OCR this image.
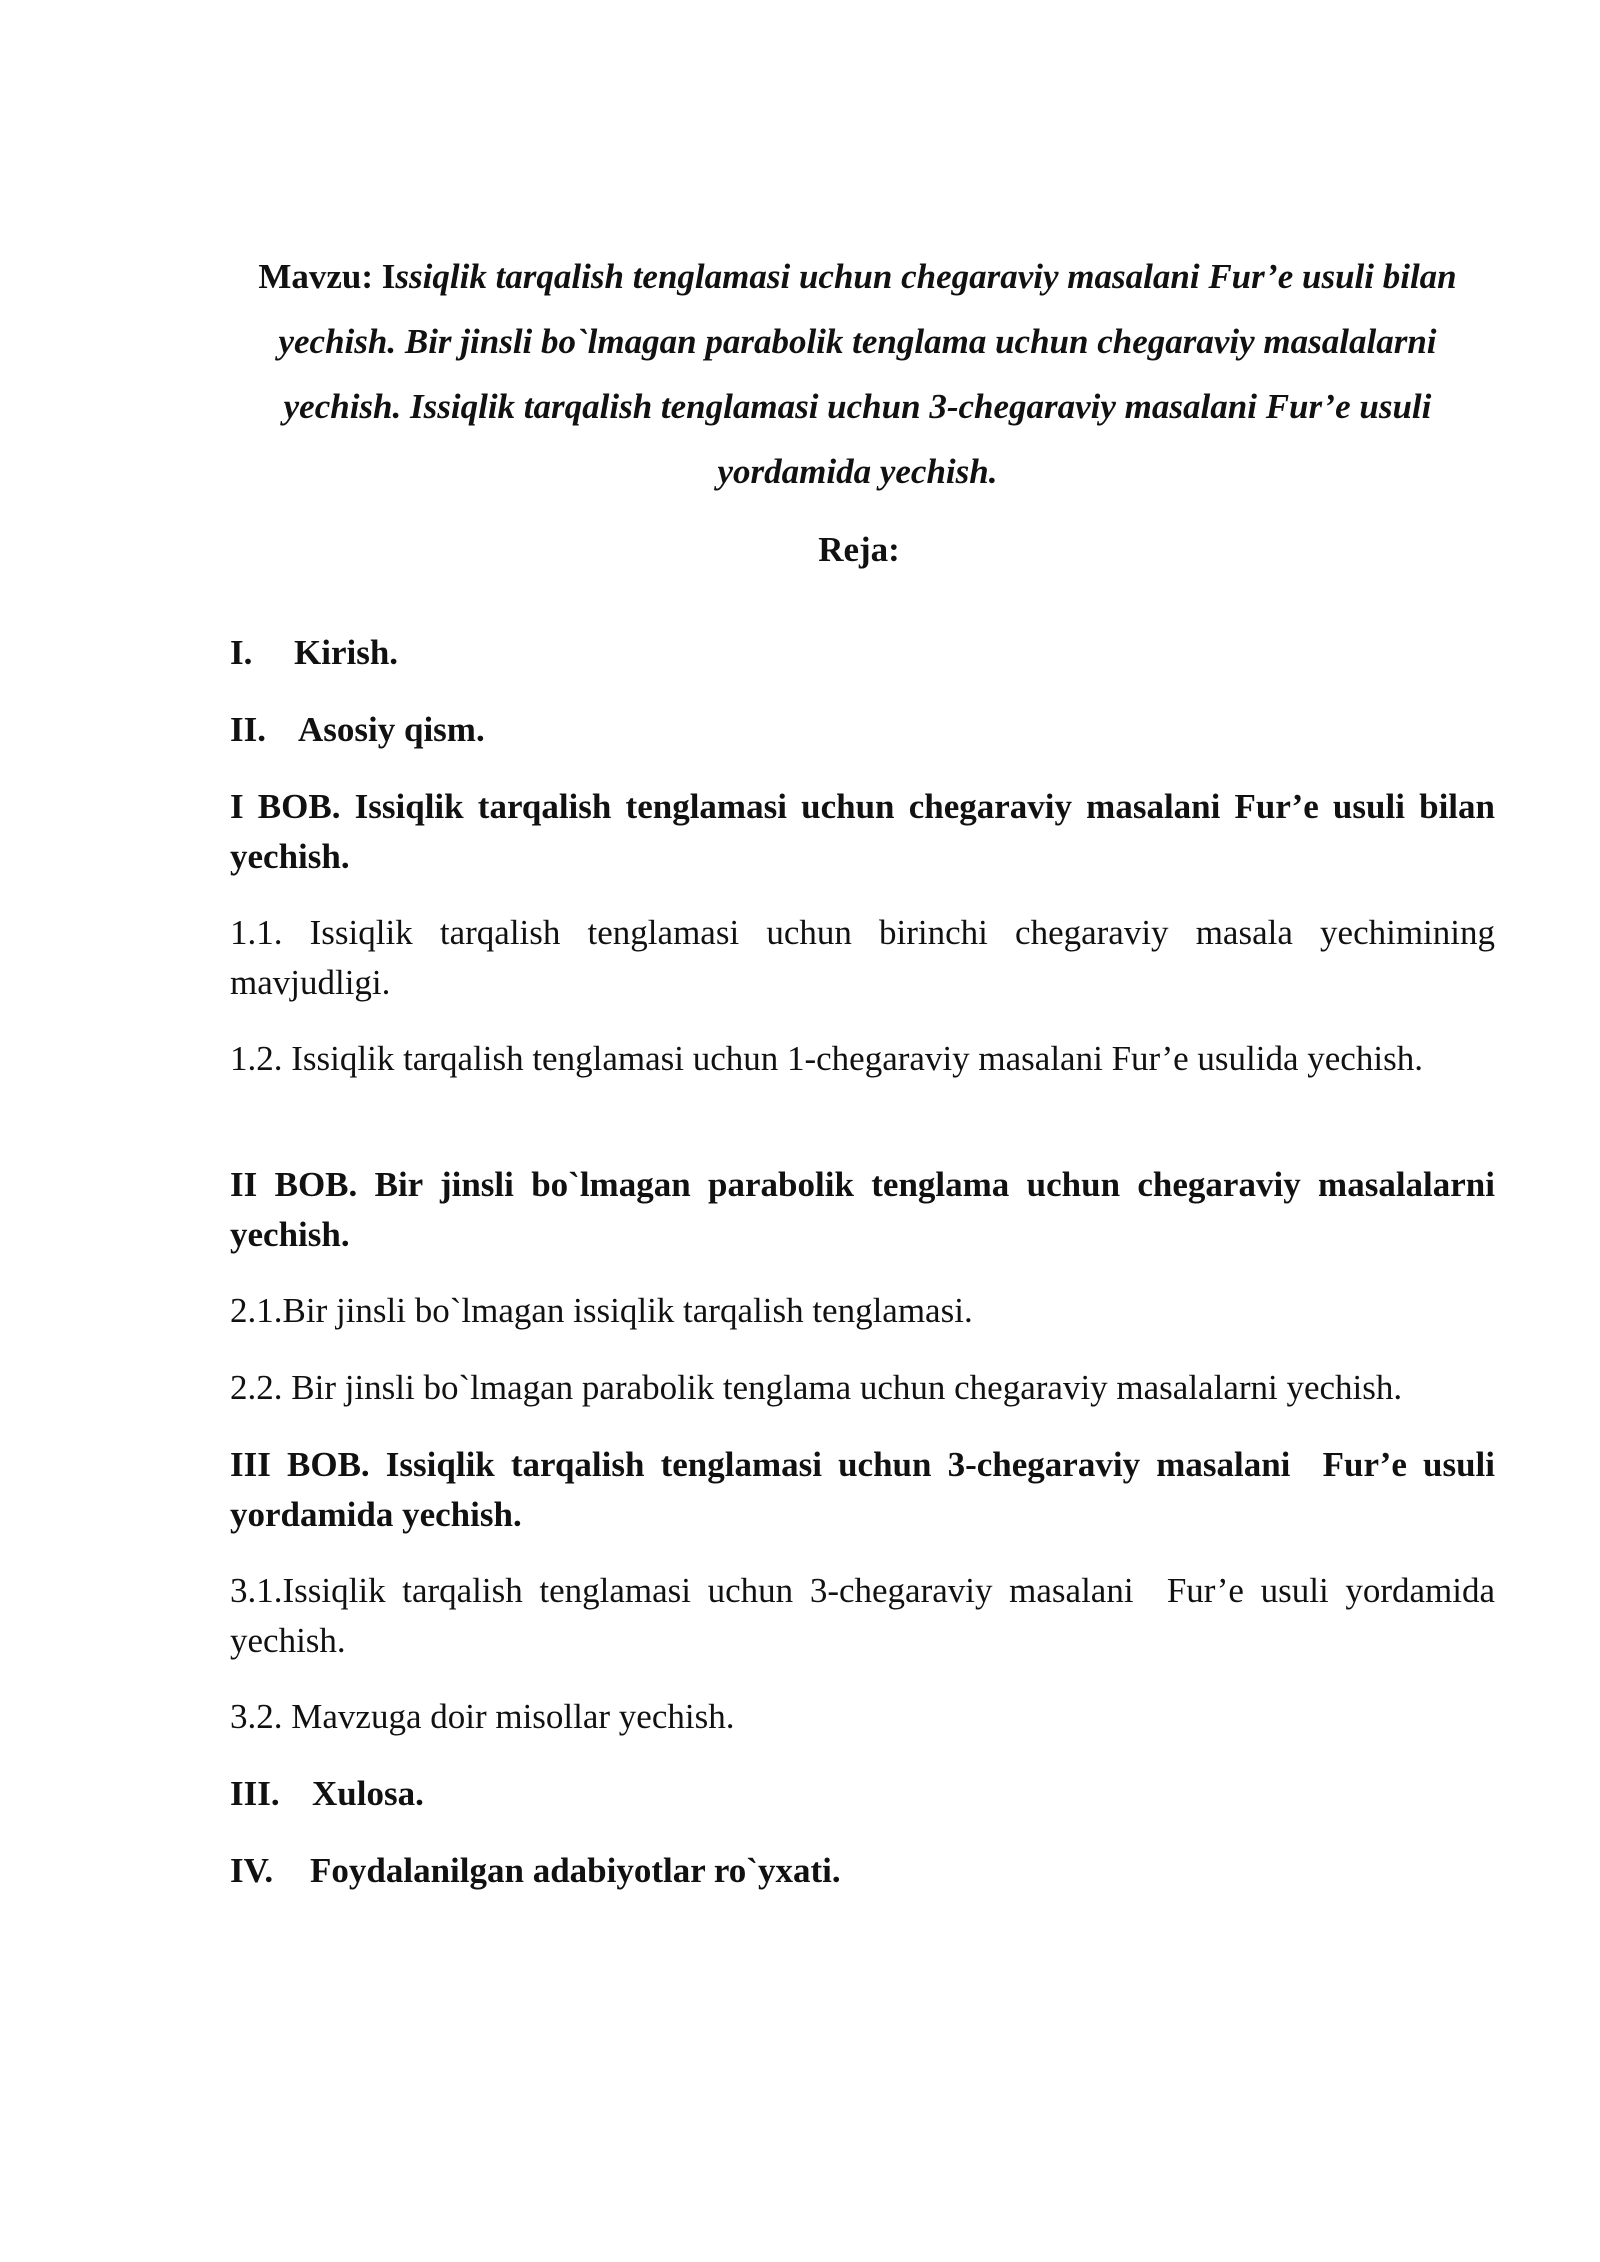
Mavzu: Issiqlik tarqalish tenglamasi uchun chegaraviy masalani Fur’e usuli bilan yechish. Bir jinsli bo`lmagan parabolik tenglama uchun chegaraviy masalalarni yechish. Issiqlik tarqalish tenglamasi uchun 3-chegaraviy masalani Fur’e usuli yordamida yechish.
Reja:
I. Kirish.
II. Asosiy qism.
I BOB. Issiqlik tarqalish tenglamasi uchun chegaraviy masalani Fur’e usuli bilan yechish.
1.1. Issiqlik tarqalish tenglamasi uchun birinchi chegaraviy masala yechimining mavjudligi.
1.2. Issiqlik tarqalish tenglamasi uchun 1-chegaraviy masalani Fur’e usulida yechish.
II BOB. Bir jinsli bo`lmagan parabolik tenglama uchun chegaraviy masalalarni yechish.
2.1.Bir jinsli bo`lmagan issiqlik tarqalish tenglamasi.
2.2. Bir jinsli bo`lmagan parabolik tenglama uchun chegaraviy masalalarni yechish.
III BOB. Issiqlik tarqalish tenglamasi uchun 3-chegaraviy masalani  Fur’e usuli yordamida yechish.
3.1.Issiqlik tarqalish tenglamasi uchun 3-chegaraviy masalani  Fur’e usuli yordamida yechish.
3.2. Mavzuga doir misollar yechish.
III. Xulosa.
IV. Foydalanilgan adabiyotlar ro`yxati.
